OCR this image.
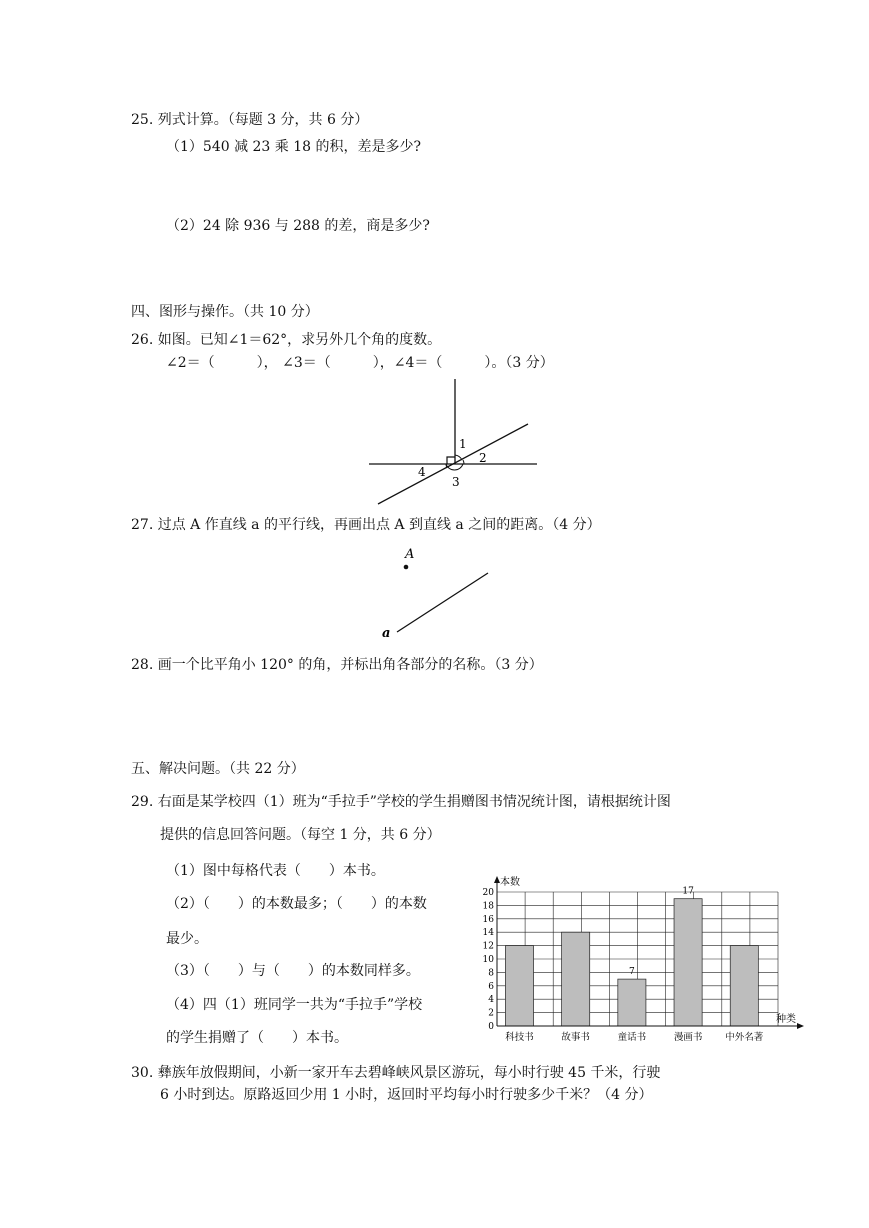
25. 列式计算。（每题 3 分，共 6 分）
（1）540 减 23 乘 18 的积，差是多少?
（2）24 除 936 与 288 的差，商是多少?
四、图形与操作。（共 10 分）
26. 如图。已知∠1＝62°，求另外几个角的度数。
∠2＝（　　　）， ∠3＝（　　　），∠4＝（　　　）。（3 分）
1
2
3
4
27. 过点 A 作直线 a 的平行线，再画出点 A 到直线 a 之间的距离。（4 分）
A
a
28. 画一个比平角小 120° 的角，并标出角各部分的名称。（3 分）
五、解决问题。（共 22 分）
29. 右面是某学校四（1）班为“手拉手”学校的学生捐赠图书情况统计图，请根据统计图
提供的信息回答问题。（每空 1 分，共 6 分）
（1）图中每格代表（　　）本书。
（2）（　　）的本数最多；（　　）的本数
最少。
（3）（　　）与（　　）的本数同样多。
（4）四（1）班同学一共为“手拉手”学校
的学生捐赠了（　　）本书。
0
2
4
6
8
10
12
14
16
18
20
科技书	故事书	童话书	漫画书 中外名著
7
17
本数
种类
30. 彝族年放假期间，小新一家开车去碧峰峡风景区游玩，每小时行驶 45 千米，行驶
6 小时到达。原路返回少用 1 小时，返回时平均每小时行驶多少千米？（4 分）
